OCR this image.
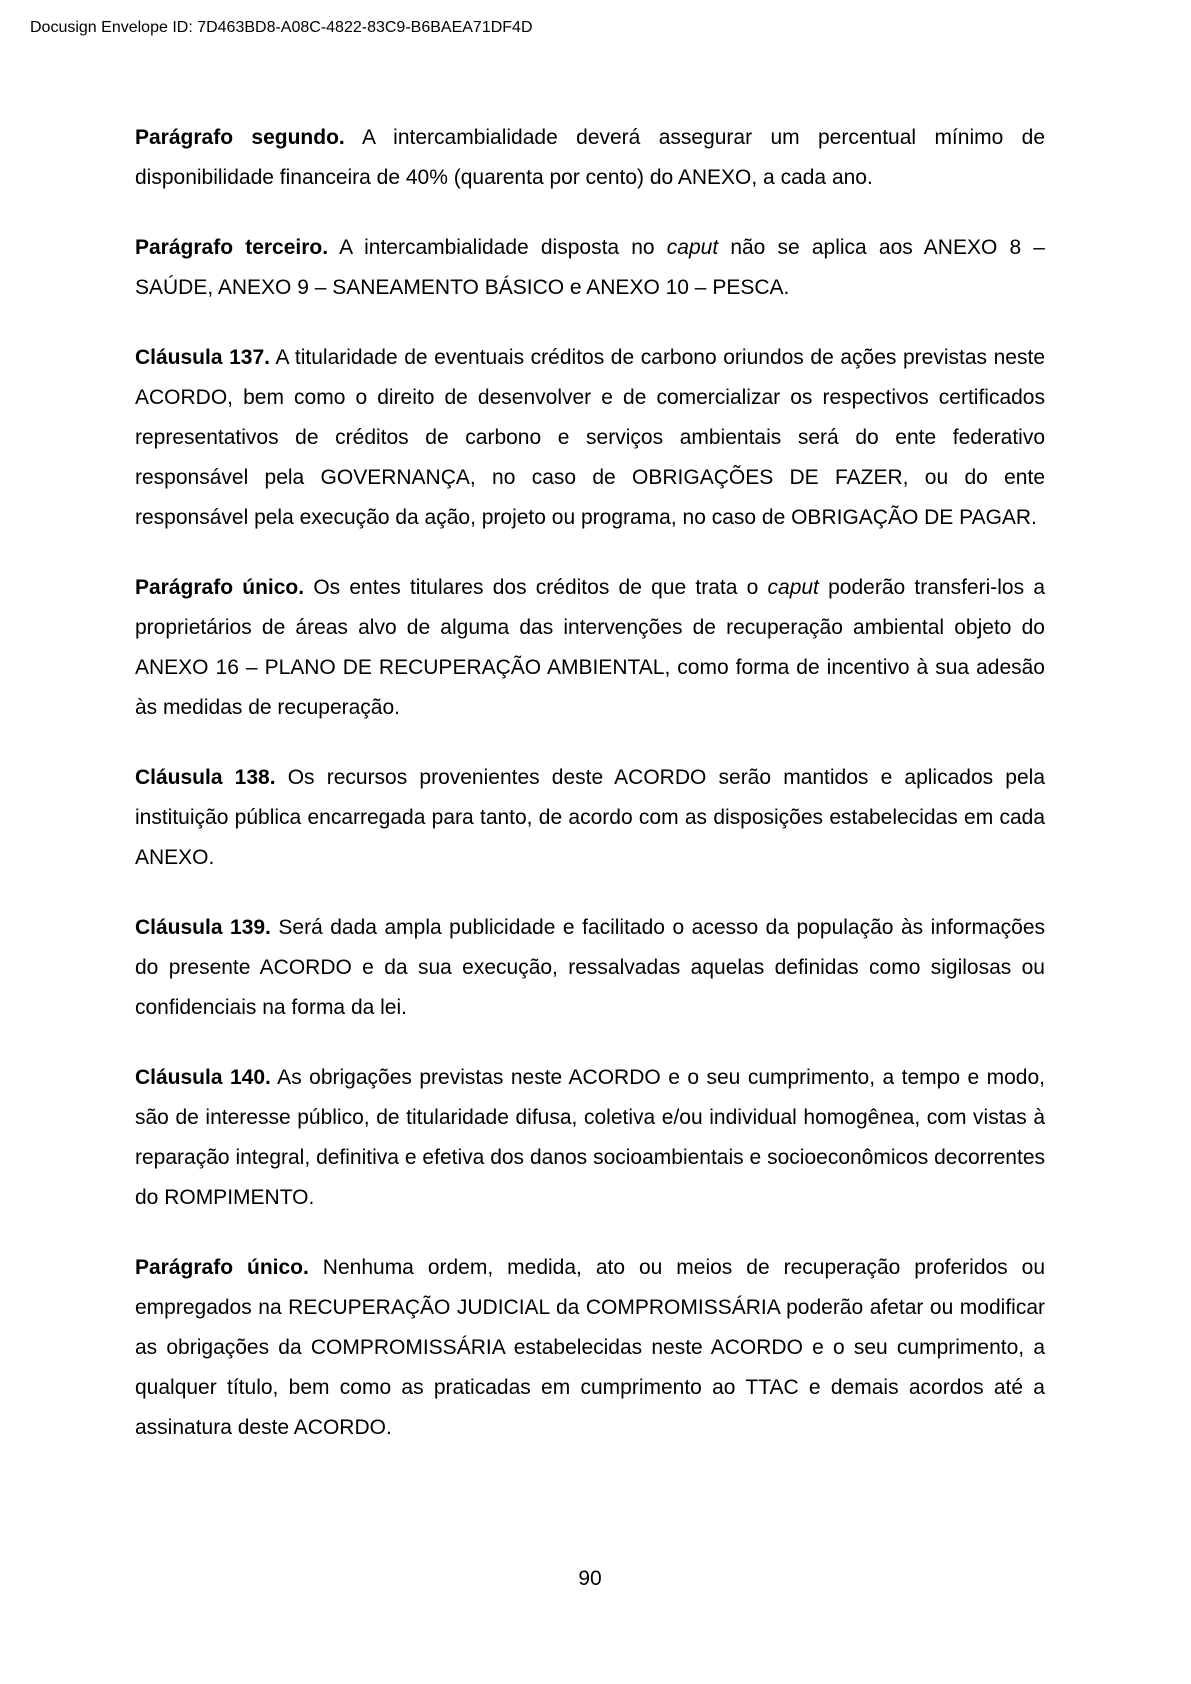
Docusign Envelope ID: 7D463BD8-A08C-4822-83C9-B6BAEA71DF4D

Parágrafo segundo. A intercambialidade deverá assegurar um percentual mínimo de disponibilidade financeira de 40% (quarenta por cento) do ANEXO, a cada ano.

Parágrafo terceiro. A intercambialidade disposta no caput não se aplica aos ANEXO 8 – SAÚDE, ANEXO 9 – SANEAMENTO BÁSICO e ANEXO 10 – PESCA.

Cláusula 137. A titularidade de eventuais créditos de carbono oriundos de ações previstas neste ACORDO, bem como o direito de desenvolver e de comercializar os respectivos certificados representativos de créditos de carbono e serviços ambientais será do ente federativo responsável pela GOVERNANÇA, no caso de OBRIGAÇÕES DE FAZER, ou do ente responsável pela execução da ação, projeto ou programa, no caso de OBRIGAÇÃO DE PAGAR.

Parágrafo único. Os entes titulares dos créditos de que trata o caput poderão transferi-los a proprietários de áreas alvo de alguma das intervenções de recuperação ambiental objeto do ANEXO 16 – PLANO DE RECUPERAÇÃO AMBIENTAL, como forma de incentivo à sua adesão às medidas de recuperação.

Cláusula 138. Os recursos provenientes deste ACORDO serão mantidos e aplicados pela instituição pública encarregada para tanto, de acordo com as disposições estabelecidas em cada ANEXO.

Cláusula 139. Será dada ampla publicidade e facilitado o acesso da população às informações do presente ACORDO e da sua execução, ressalvadas aquelas definidas como sigilosas ou confidenciais na forma da lei.

Cláusula 140. As obrigações previstas neste ACORDO e o seu cumprimento, a tempo e modo, são de interesse público, de titularidade difusa, coletiva e/ou individual homogênea, com vistas à reparação integral, definitiva e efetiva dos danos socioambientais e socioeconômicos decorrentes do ROMPIMENTO.

Parágrafo único. Nenhuma ordem, medida, ato ou meios de recuperação proferidos ou empregados na RECUPERAÇÃO JUDICIAL da COMPROMISSÁRIA poderão afetar ou modificar as obrigações da COMPROMISSÁRIA estabelecidas neste ACORDO e o seu cumprimento, a qualquer título, bem como as praticadas em cumprimento ao TTAC e demais acordos até a assinatura deste ACORDO.

90
